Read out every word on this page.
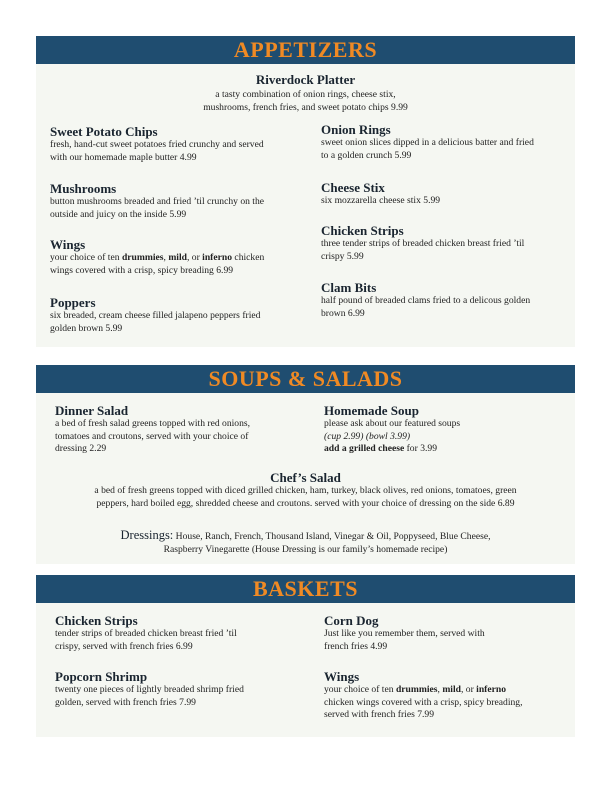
APPETIZERS
Riverdock Platter
a tasty combination of onion rings, cheese stix,
mushrooms, french fries, and sweet potato chips 9.99
Sweet Potato Chips
fresh, hand-cut sweet potatoes fried crunchy and served
with our homemade maple butter 4.99
Mushrooms
button mushrooms breaded and fried ’til crunchy on the
outside and juicy on the inside 5.99
Wings
your choice of ten drummies, mild, or inferno chicken
wings covered with a crisp, spicy breading 6.99
Poppers
six breaded, cream cheese filled jalapeno peppers fried
golden brown 5.99
Onion Rings
sweet onion slices dipped in a delicious batter and fried
to a golden crunch 5.99
Cheese Stix
six mozzarella cheese stix 5.99
Chicken Strips
three tender strips of breaded chicken breast fried ’til
crispy 5.99
Clam Bits
half pound of breaded clams fried to a delicous golden
brown 6.99
SOUPS & SALADS
Dinner Salad
a bed of fresh salad greens topped with red onions,
tomatoes and croutons, served with your choice of
dressing 2.29
Homemade Soup
please ask about our featured soups
(cup 2.99) (bowl 3.99)
add a grilled cheese for 3.99
Chef’s Salad
a bed of fresh greens topped with diced grilled chicken, ham, turkey, black olives, red onions, tomatoes, green
peppers, hard boiled egg, shredded cheese and croutons. served with your choice of dressing on the side 6.89
Dressings: House, Ranch, French, Thousand Island, Vinegar & Oil, Poppyseed, Blue Cheese,
Raspberry Vinegarette (House Dressing is our family’s homemade recipe)
BASKETS
Chicken Strips
tender strips of breaded chicken breast fried ’til
crispy, served with french fries 6.99
Popcorn Shrimp
twenty one pieces of lightly breaded shrimp fried
golden, served with french fries 7.99
Corn Dog
Just like you remember them, served with
french fries 4.99
Wings
your choice of ten drummies, mild, or inferno
chicken wings covered with a crisp, spicy breading,
served with french fries 7.99
